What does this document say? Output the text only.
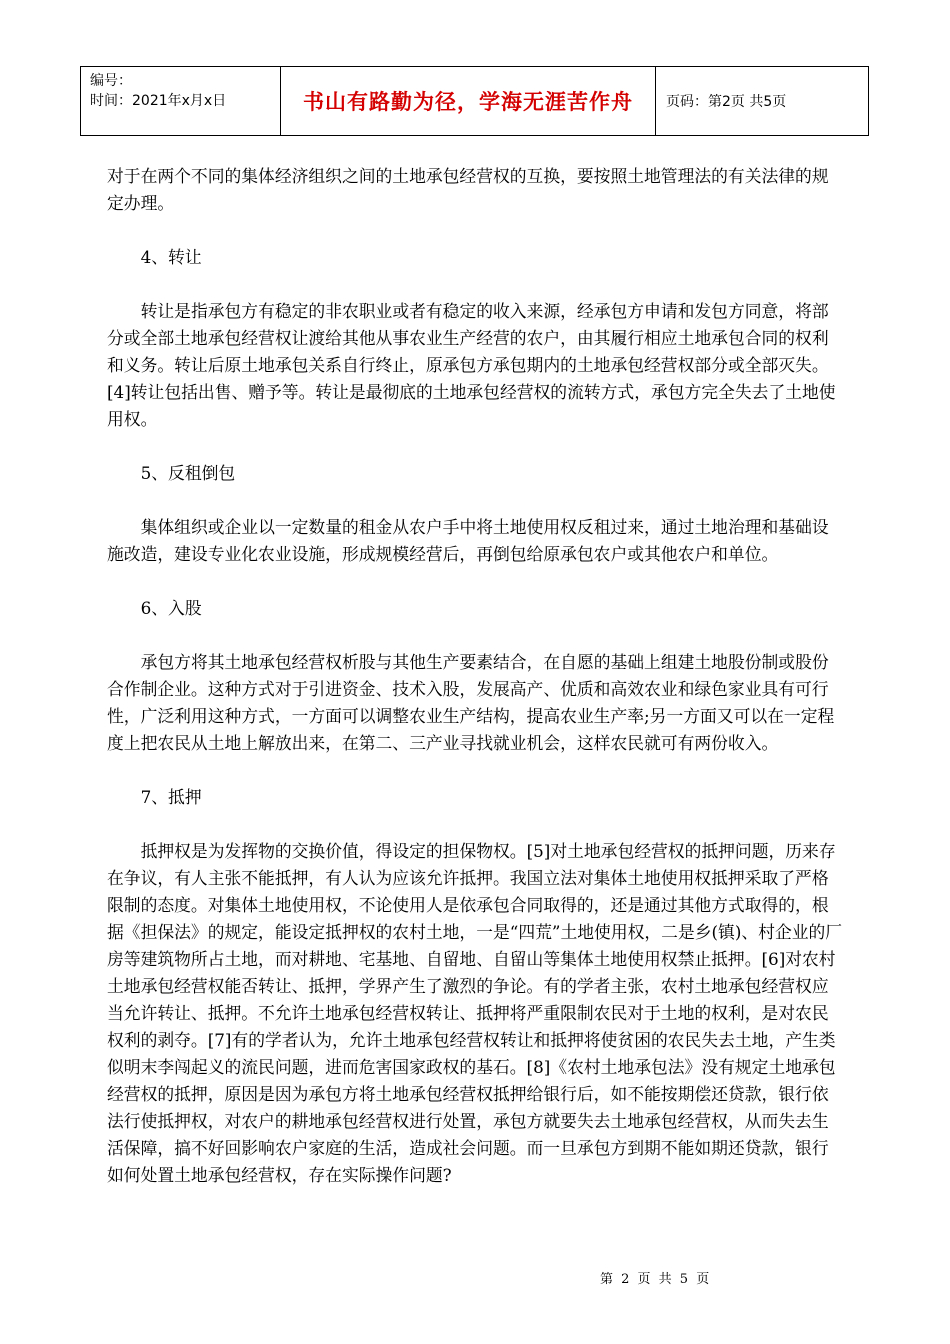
编号：
时间：2021年x月x日	书山有路勤为径，学海无涯苦作舟 页码：第2页 共5页

对于在两个不同的集体经济组织之间的土地承包经营权的互换，要按照土地管理法的有关法律的规定办理。

4、转让

转让是指承包方有稳定的非农职业或者有稳定的收入来源，经承包方申请和发包方同意，将部分或全部土地承包经营权让渡给其他从事农业生产经营的农户，由其履行相应土地承包合同的权利和义务。转让后原土地承包关系自行终止，原承包方承包期内的土地承包经营权部分或全部灭失。[4]转让包括出售、赠予等。转让是最彻底的土地承包经营权的流转方式，承包方完全失去了土地使用权。

5、反租倒包

集体组织或企业以一定数量的租金从农户手中将土地使用权反租过来，通过土地治理和基础设施改造，建设专业化农业设施，形成规模经营后，再倒包给原承包农户或其他农户和单位。

6、入股

承包方将其土地承包经营权析股与其他生产要素结合，在自愿的基础上组建土地股份制或股份合作制企业。这种方式对于引进资金、技术入股，发展高产、优质和高效农业和绿色家业具有可行性，广泛利用这种方式，一方面可以调整农业生产结构，提高农业生产率;另一方面又可以在一定程度上把农民从土地上解放出来，在第二、三产业寻找就业机会，这样农民就可有两份收入。

7、抵押

抵押权是为发挥物的交换价值，得设定的担保物权。[5]对土地承包经营权的抵押问题，历来存在争议，有人主张不能抵押，有人认为应该允许抵押。我国立法对集体土地使用权抵押采取了严格限制的态度。对集体土地使用权，不论使用人是依承包合同取得的，还是通过其他方式取得的，根据《担保法》的规定，能设定抵押权的农村土地，一是“四荒”土地使用权，二是乡(镇)、村企业的厂房等建筑物所占土地，而对耕地、宅基地、自留地、自留山等集体土地使用权禁止抵押。[6]对农村土地承包经营权能否转让、抵押，学界产生了激烈的争论。有的学者主张，农村土地承包经营权应当允许转让、抵押。不允许土地承包经营权转让、抵押将严重限制农民对于土地的权利，是对农民权利的剥夺。[7]有的学者认为，允许土地承包经营权转让和抵押将使贫困的农民失去土地，产生类似明末李闯起义的流民问题，进而危害国家政权的基石。[8]《农村土地承包法》没有规定土地承包经营权的抵押，原因是因为承包方将土地承包经营权抵押给银行后，如不能按期偿还贷款，银行依法行使抵押权，对农户的耕地承包经营权进行处置，承包方就要失去土地承包经营权，从而失去生活保障，搞不好回影响农户家庭的生活，造成社会问题。而一旦承包方到期不能如期还贷款，银行如何处置土地承包经营权，存在实际操作问题?

第 2 页 共 5 页
